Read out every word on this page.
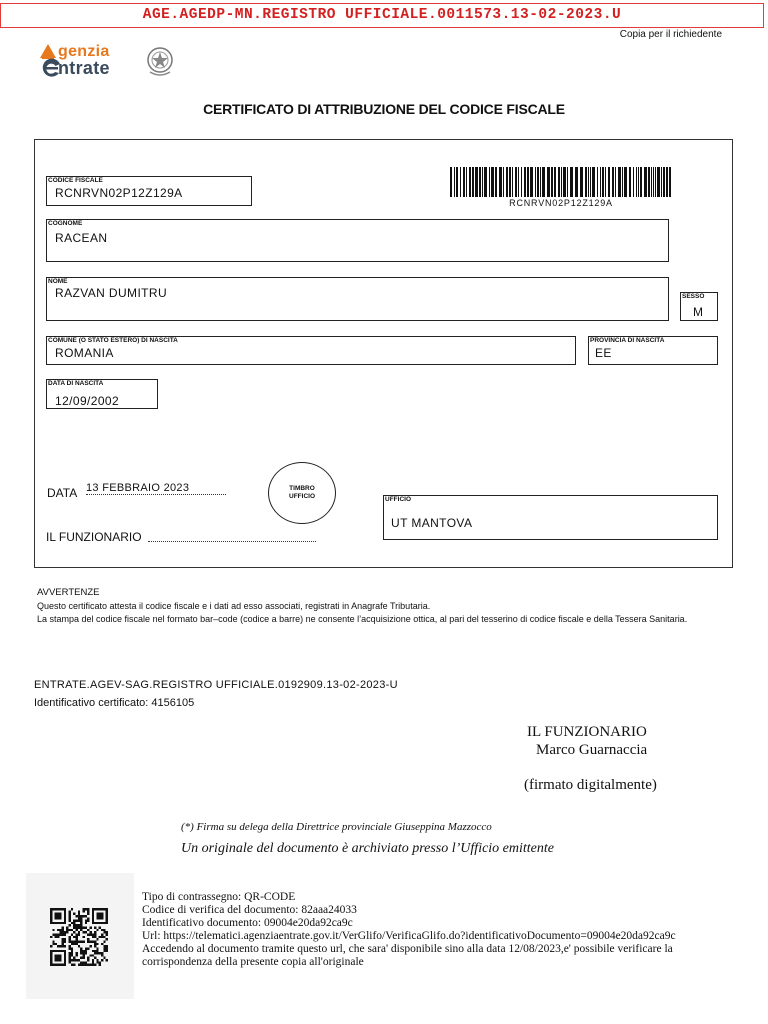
AGE.AGEDP-MN.REGISTRO UFFICIALE.0011573.13-02-2023.U
Copia per il richiedente
genzia
ntrate
CERTIFICATO DI ATTRIBUZIONE DEL CODICE FISCALE
CODICE FISCALE
RCNRVN02P12Z129A
RCNRVN02P12Z129A
COGNOME
RACEAN
NOME
RAZVAN DUMITRU	SESSO
M
COMUNE (O STATO ESTERO) DI NASCITA
ROMANIA
PROVINCIA DI NASCITA
EE
DATA DI NASCITA
12/09/2002
DATA 13 FEBBRAIO 2023	TIMBRO
UFFICIO	UFFICIO
UT MANTOVA
IL FUNZIONARIO
AVVERTENZE
Questo certificato attesta il codice fiscale e i dati ad esso associati, registrati in Anagrafe Tributaria.
La stampa del codice fiscale nel formato bar–code (codice a barre) ne consente l’acquisizione ottica, al pari del tesserino di codice fiscale e della Tessera Sanitaria.
ENTRATE.AGEV-SAG.REGISTRO UFFICIALE.0192909.13-02-2023-U
Identificativo certificato: 4156105
IL FUNZIONARIO
Marco Guarnaccia
(firmato digitalmente)
(*) Firma su delega della Direttrice provinciale Giuseppina Mazzocco
Un originale del documento è archiviato presso l’Ufficio emittente
Tipo di contrassegno: QR-CODE
Codice di verifica del documento: 82aaa24033
Identificativo documento: 09004e20da92ca9c
Url: https://telematici.agenziaentrate.gov.it/VerGlifo/VerificaGlifo.do?identificativoDocumento=09004e20da92ca9c
Accedendo al documento tramite questo url, che sara' disponibile sino alla data 12/08/2023,e' possibile verificare la
corrispondenza della presente copia all'originale
